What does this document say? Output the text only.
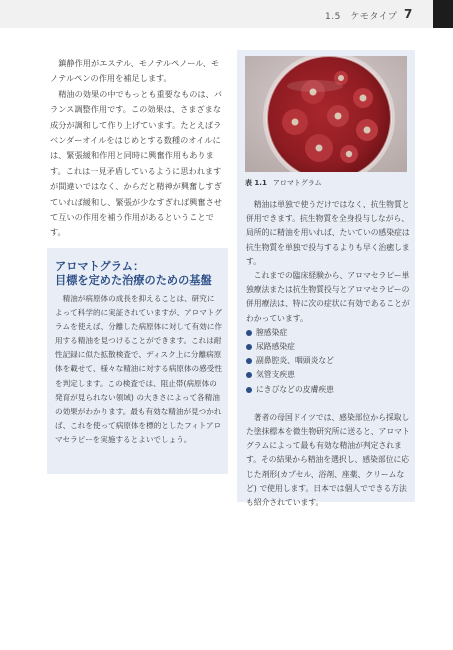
1.5　ケモタイプ 7

　鎮静作用がエステル、モノテルペノール、モノテルペンの作用を補足します。

　精油の効果の中でもっとも重要なものは、バランス調整作用です。この効果は、さまざまな成分が調和して作り上げています。たとえばラベンダーオイルをはじめとする数種のオイルには、緊張緩和作用と同時に興奮作用もあります。これは一見矛盾しているように思われますが間違いではなく、からだと精神が興奮しすぎていれば緩和し、緊張が少なすぎれば興奮させて互いの作用を補う作用があるということです。

アロマトグラム：
目標を定めた治療のための基盤
　精油が病原体の成長を抑えることは、研究によって科学的に実証されていますが、アロマトグラムを使えば、分離した病原体に対して有効に作用する精油を見つけることができます。これは耐性記録に似た拡散検査で、ディスク上に分離病原体を載せて、様々な精油に対する病原体の感受性を判定します。この検査では、阻止帯(病原体の発育が見られない領域) の大きさによって各精油の効果がわかります。最も有効な精油が見つかれば、これを使って病原体を標的としたフィトアロマセラピーを実施するとよいでしょう。
表 1.1 アロマトグラム

　精油は単独で使うだけではなく、抗生物質と併用できます。抗生物質を全身投与しながら、局所的に精油を用いれば、たいていの感染症は抗生物質を単独で投与するよりも早く治癒します。

　これまでの臨床経験から、アロマセラピー単独療法または抗生物質投与とアロマセラピーの併用療法は、特に次の症状に有効であることがわかっています。

膣感染症
尿路感染症
副鼻腔炎、咽頭炎など
気管支疾患
にきびなどの皮膚疾患

　著者の母国ドイツでは、感染部位から採取した塗抹標本を微生物研究所に送ると、アロマトグラムによって最も有効な精油が判定されます。その結果から精油を選択し、感染部位に応じた剤形(カプセル、浴剤、座薬、クリームなど) で使用します。日本では個人でできる方法も紹介されています。
